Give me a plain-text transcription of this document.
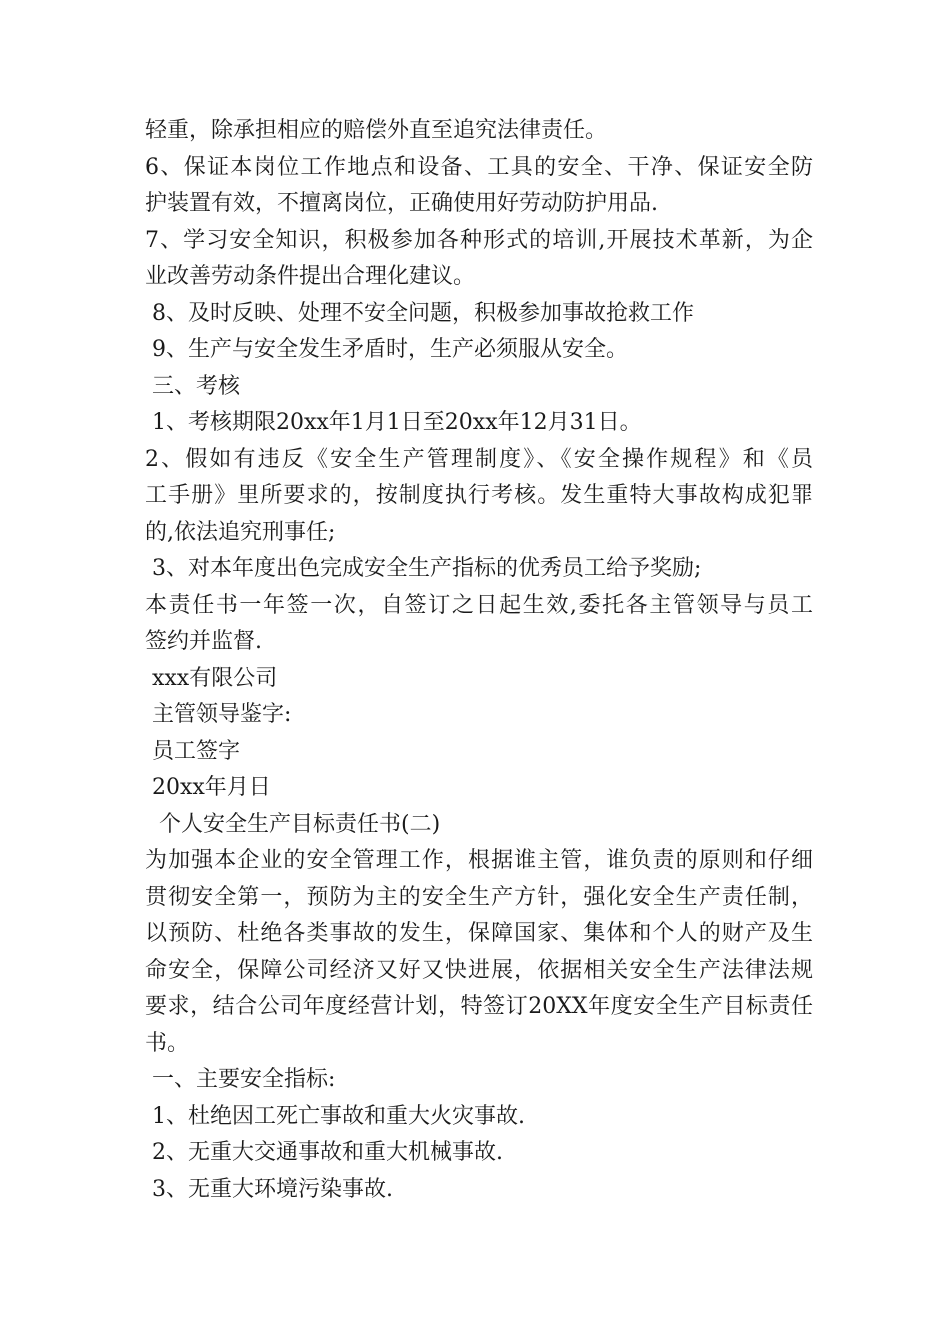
轻重，除承担相应的赔偿外直至追究法律责任。
6、保证本岗位工作地点和设备、工具的安全、干净、保证安全防
护装置有效，不擅离岗位，正确使用好劳动防护用品.
7、学习安全知识，积极参加各种形式的培训,开展技术革新，为企
业改善劳动条件提出合理化建议。
8、及时反映、处理不安全问题，积极参加事故抢救工作
9、生产与安全发生矛盾时，生产必须服从安全。
三、考核
1、考核期限20xx年1月1日至20xx年12月31日。
2、假如有违反《安全生产管理制度》、《安全操作规程》和《员
工手册》里所要求的，按制度执行考核。发生重特大事故构成犯罪
的,依法追究刑事任;
3、对本年度出色完成安全生产指标的优秀员工给予奖励;
本责任书一年签一次，自签订之日起生效,委托各主管领导与员工
签约并监督.
xxx有限公司
主管领导鉴字:
员工签字
20xx年月日
个人安全生产目标责任书(二)
为加强本企业的安全管理工作，根据谁主管，谁负责的原则和仔细
贯彻安全第一，预防为主的安全生产方针，强化安全生产责任制，
以预防、杜绝各类事故的发生，保障国家、集体和个人的财产及生
命安全，保障公司经济又好又快进展，依据相关安全生产法律法规
要求，结合公司年度经营计划，特签订20XX年度安全生产目标责任
书。
一、主要安全指标:
1、杜绝因工死亡事故和重大火灾事故.
2、无重大交通事故和重大机械事故.
3、无重大环境污染事故.
